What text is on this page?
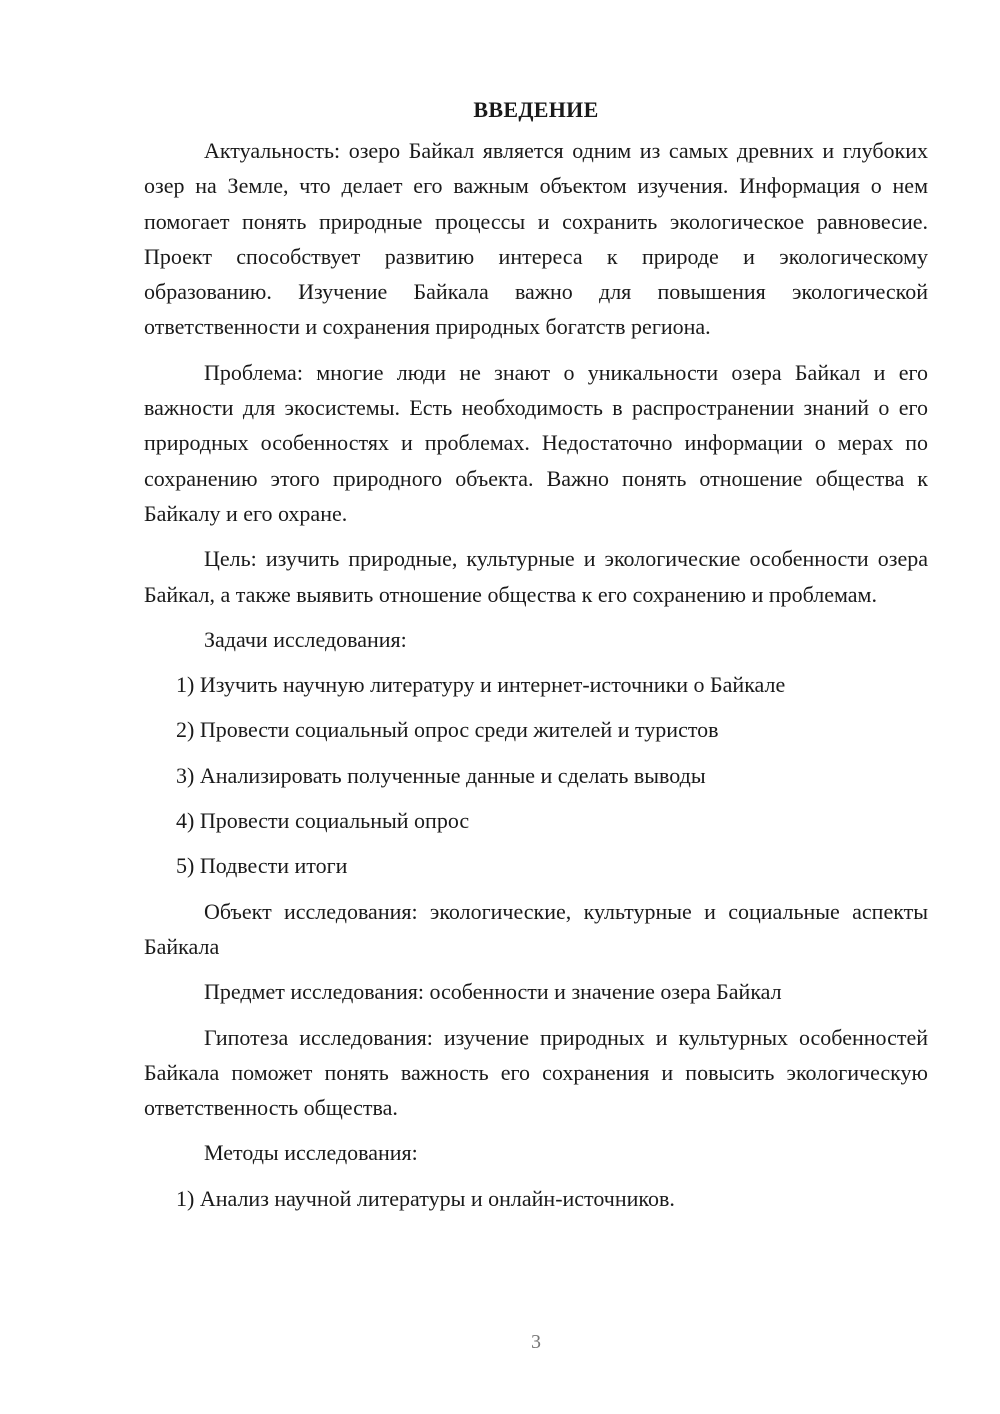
ВВЕДЕНИЕ

Актуальность: озеро Байкал является одним из самых древних и глубоких озер на Земле, что делает его важным объектом изучения. Информация о нем помогает понять природные процессы и сохранить экологическое равновесие. Проект способствует развитию интереса к природе и экологическому образованию. Изучение Байкала важно для повышения экологической ответственности и сохранения природных богатств региона.

Проблема: многие люди не знают о уникальности озера Байкал и его важности для экосистемы. Есть необходимость в распространении знаний о его природных особенностях и проблемах. Недостаточно информации о мерах по сохранению этого природного объекта. Важно понять отношение общества к Байкалу и его охране.

Цель: изучить природные, культурные и экологические особенности озера Байкал, а также выявить отношение общества к его сохранению и проблемам.

Задачи исследования:

1) Изучить научную литературу и интернет-источники о Байкале

2) Провести социальный опрос среди жителей и туристов

3) Анализировать полученные данные и сделать выводы

4) Провести социальный опрос

5) Подвести итоги

Объект исследования: экологические, культурные и социальные аспекты Байкала

Предмет исследования: особенности и значение озера Байкал

Гипотеза исследования: изучение природных и культурных особенностей Байкала поможет понять важность его сохранения и повысить экологическую ответственность общества.

Методы исследования:

1) Анализ научной литературы и онлайн-источников.

3
